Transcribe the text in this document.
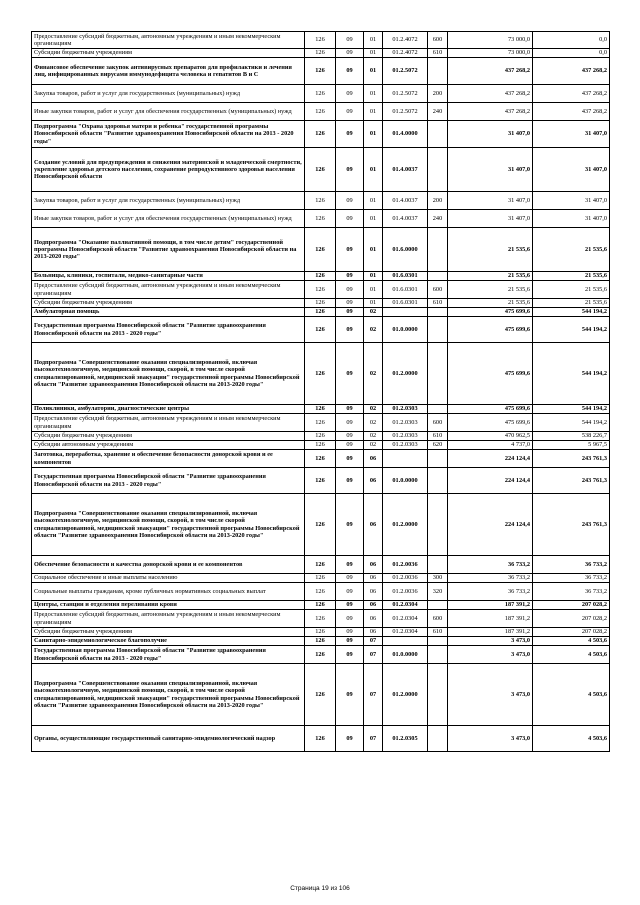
Предоставление субсидий бюджетным, автономным учреждениям и иным некоммерческим организациям	126	09	01	01.2.4072	600	73 000,0	0,0
Субсидии бюджетным учреждениям	126	09	01	01.2.4072	610	73 000,0	0,0
Финансовое обеспечение закупок антивирусных препаратов для профилактики и лечения лиц, инфицированных вирусами иммунодефицита человека и гепатитов В и С	126	09	01	01.2.5072		437 268,2	437 268,2
Закупка товаров, работ и услуг для государственных (муниципальных) нужд	126	09	01	01.2.5072	200	437 268,2	437 268,2
Иные закупки товаров, работ и услуг для обеспечения государственных (муниципальных) нужд	126	09	01	01.2.5072	240	437 268,2	437 268,2
Подпрограмма "Охрана здоровья матери и ребенка" государственной программы Новосибирской области "Развитие здравоохранения Новосибирской области на 2013 - 2020 годы"	126	09	01	01.4.0000		31 407,0	31 407,0
Создание условий для предупреждения и снижения материнской и младенческой смертности, укрепление здоровья детского населения, сохранение репродуктивного здоровья населения Новосибирской области	126	09	01	01.4.0037		31 407,0	31 407,0
Закупка товаров, работ и услуг для государственных (муниципальных) нужд	126	09	01	01.4.0037	200	31 407,0	31 407,0
Иные закупки товаров, работ и услуг для обеспечения государственных (муниципальных) нужд	126	09	01	01.4.0037	240	31 407,0	31 407,0
Подпрограмма "Оказание паллиативной помощи, в том числе детям" государственной программы Новосибирской области "Развитие здравоохранения Новосибирской области на 2013-2020 годы"	126	09	01	01.6.0000		21 535,6	21 535,6
Больницы, клиники, госпитали, медико-санитарные части	126	09	01	01.6.0301		21 535,6	21 535,6
Предоставление субсидий бюджетным, автономным учреждениям и иным некоммерческим организациям	126	09	01	01.6.0301	600	21 535,6	21 535,6
Субсидии бюджетным учреждениям	126	09	01	01.6.0301	610	21 535,6	21 535,6
Амбулаторная помощь	126	09	02			475 699,6	544 194,2
Государственная программа Новосибирской области "Развитие здравоохранения Новосибирской области на 2013 - 2020 годы"	126	09	02	01.0.0000		475 699,6	544 194,2
Подпрограмма "Совершенствование оказания специализированной, включая высокотехнологичную, медицинской помощи, скорой, в том числе скорой специализированной, медицинской эвакуации" государственной программы Новосибирской области "Развитие здравоохранения Новосибирской области на 2013-2020 годы"	126	09	02	01.2.0000		475 699,6	544 194,2
Поликлиники, амбулатории, диагностические центры	126	09	02	01.2.0303		475 699,6	544 194,2
Предоставление субсидий бюджетным, автономным учреждениям и иным некоммерческим организациям	126	09	02	01.2.0303	600	475 699,6	544 194,2
Субсидии бюджетным учреждениям	126	09	02	01.2.0303	610	470 962,5	538 226,7
Субсидии автономным учреждениям	126	09	02	01.2.0303	620	4 737,0	5 967,5
Заготовка, переработка, хранение и обеспечение безопасности донорской крови и ее компонентов	126	09	06			224 124,4	243 761,3
Государственная программа Новосибирской области "Развитие здравоохранения Новосибирской области на 2013 - 2020 годы"	126	09	06	01.0.0000		224 124,4	243 761,3
Подпрограмма "Совершенствование оказания специализированной, включая высокотехнологичную, медицинской помощи, скорой, в том числе скорой специализированной, медицинской эвакуации" государственной программы Новосибирской области "Развитие здравоохранения Новосибирской области на 2013-2020 годы"	126	09	06	01.2.0000		224 124,4	243 761,3
Обеспечение безопасности и качества донорской крови и ее компонентов	126	09	06	01.2.0036		36 733,2	36 733,2
Социальное обеспечение и иные выплаты населению	126	09	06	01.2.0036	300	36 733,2	36 733,2
Социальные выплаты гражданам, кроме публичных нормативных социальных выплат	126	09	06	01.2.0036	320	36 733,2	36 733,2
Центры, станции и отделения переливания крови	126	09	06	01.2.0304		187 391,2	207 028,2
Предоставление субсидий бюджетным, автономным учреждениям и иным некоммерческим организациям	126	09	06	01.2.0304	600	187 391,2	207 028,2
Субсидии бюджетным учреждениям	126	09	06	01.2.0304	610	187 391,2	207 028,2
Санитарно-эпидемиологическое благополучие	126	09	07			3 473,0	4 503,6
Государственная программа Новосибирской области "Развитие здравоохранения Новосибирской области на 2013 - 2020 годы"	126	09	07	01.0.0000		3 473,0	4 503,6
Подпрограмма "Совершенствование оказания специализированной, включая высокотехнологичную, медицинской помощи, скорой, в том числе скорой специализированной, медицинской эвакуации" государственной программы Новосибирской области "Развитие здравоохранения Новосибирской области на 2013-2020 годы"	126	09	07	01.2.0000		3 473,0	4 503,6
Органы, осуществляющие государственный санитарно-эпидемиологический надзор	126	09	07	01.2.0305		3 473,0	4 503,6
Страница 19 из 106
